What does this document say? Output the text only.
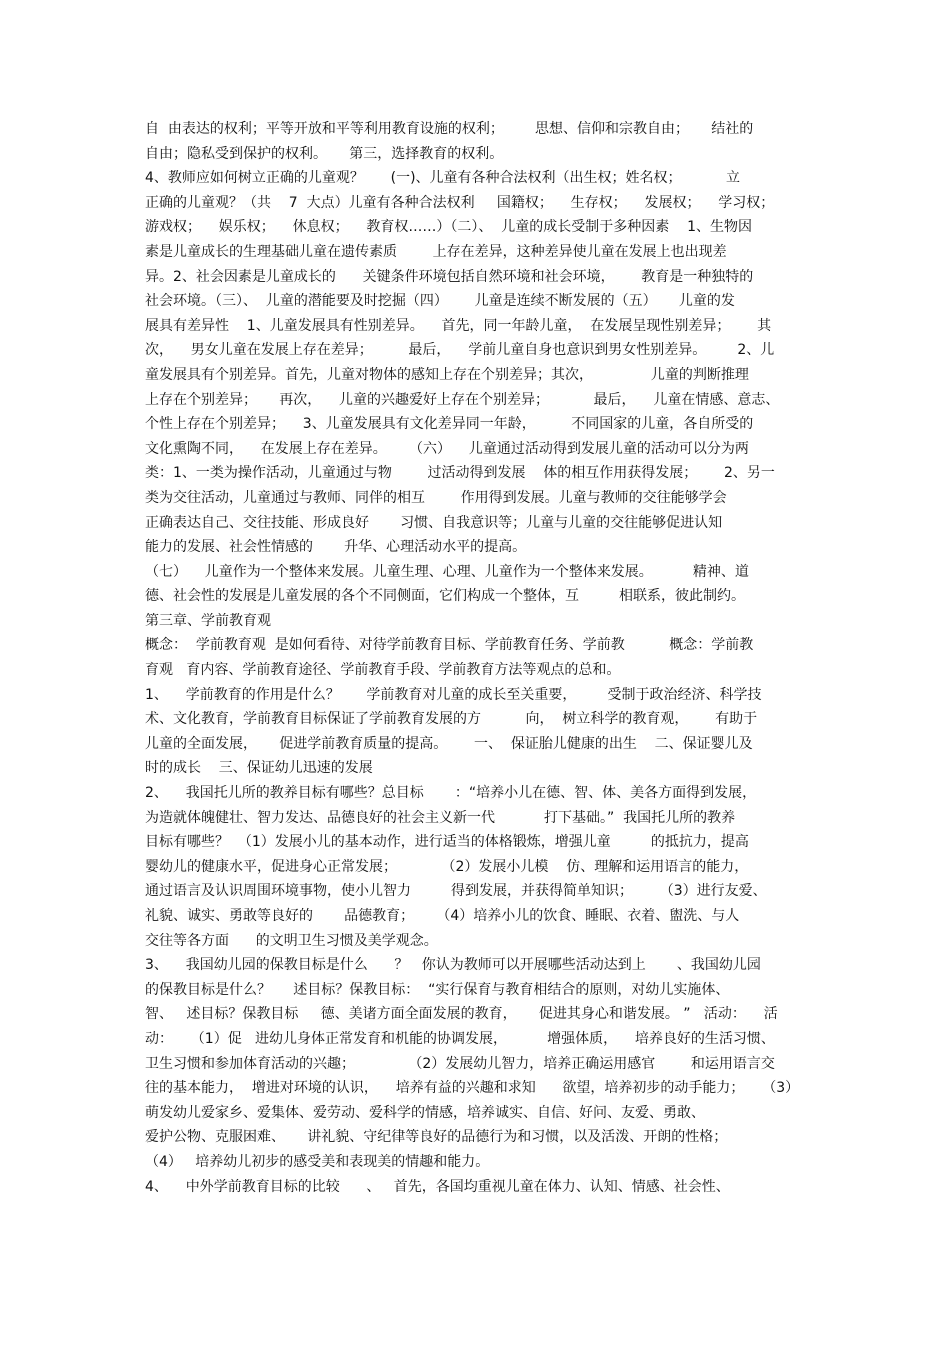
自  由表达的权利；平等开放和平等利用教育设施的权利；       思想、信仰和宗教自由；     结社的
自由；隐私受到保护的权利。     第三，选择教育的权利。
4、教师应如何树立正确的儿童观？      (一)、儿童有各种合法权利（出生权；姓名权；          立
正确的儿童观？（共    7  大点）儿童有各种合法权利     国籍权；    生存权；    发展权；    学习权；
游戏权；    娱乐权；    休息权；    教育权……）（二）、  儿童的成长受制于多种因素    1、生物因
素是儿童成长的生理基础儿童在遗传素质        上存在差异，这种差异使儿童在发展上也出现差
异。2、社会因素是儿童成长的      关键条件环境包括自然环境和社会环境，      教育是一种独特的
社会环境。（三）、  儿童的潜能要及时挖掘（四）      儿童是连续不断发展的（五）     儿童的发
展具有差异性    1、儿童发展具有性别差异。    首先，同一年龄儿童，  在发展呈现性别差异；      其
次，    男女儿童在发展上存在差异；        最后，    学前儿童自身也意识到男女性别差异。       2、儿
童发展具有个别差异。首先，儿童对物体的感知上存在个别差异；其次，             儿童的判断推理
上存在个别差异；     再次，    儿童的兴趣爱好上存在个别差异；          最后，    儿童在情感、意志、
个性上存在个别差异；    3、儿童发展具有文化差异同一年龄，        不同国家的儿童，各自所受的
文化熏陶不同，    在发展上存在差异。     （六）    儿童通过活动得到发展儿童的活动可以分为两
类：1、一类为操作活动，儿童通过与物        过活动得到发展    体的相互作用获得发展；      2、另一
类为交往活动，儿童通过与教师、同伴的相互        作用得到发展。儿童与教师的交往能够学会
正确表达自己、交往技能、形成良好       习惯、自我意识等；儿童与儿童的交往能够促进认知
能力的发展、社会性情感的       升华、心理活动水平的提高。
（七）    儿童作为一个整体来发展。儿童生理、心理、儿童作为一个整体来发展。         精神、道
德、社会性的发展是儿童发展的各个不同侧面，它们构成一个整体，互         相联系，彼此制约。
第三章、学前教育观
概念：  学前教育观  是如何看待、对待学前教育目标、学前教育任务、学前教          概念：学前教
育观   育内容、学前教育途径、学前教育手段、学前教育方法等观点的总和。
1、    学前教育的作用是什么？      学前教育对儿童的成长至关重要，       受制于政治经济、科学技
术、文化教育，学前教育目标保证了学前教育发展的方          向，  树立科学的教育观，      有助于
儿童的全面发展，     促进学前教育质量的提高。      一、  保证胎儿健康的出生    二、保证婴儿及
时的成长    三、保证幼儿迅速的发展
2、    我国托儿所的教养目标有哪些？总目标       ：“培养小儿在德、智、体、美各方面得到发展，
为造就体魄健壮、智力发达、品德良好的社会主义新一代           打下基础。”  我国托儿所的教养
目标有哪些？  （1）发展小儿的基本动作，进行适当的体格锻炼，增强儿童         的抵抗力，提高
婴幼儿的健康水平，促进身心正常发展；          （2）发展小儿模    仿、理解和运用语言的能力，
通过语言及认识周围环境事物，使小儿智力         得到发展，并获得简单知识；      （3）进行友爱、
礼貌、诚实、勇敢等良好的       品德教育；     （4）培养小儿的饮食、睡眠、衣着、盥洗、与人
交往等各方面      的文明卫生习惯及美学观念。
3、    我国幼儿园的保教目标是什么      ？   你认为教师可以开展哪些活动达到上       、我国幼儿园
的保教目标是什么？     述目标？保教目标：  “实行保育与教育相结合的原则，对幼儿实施体、
智、   述目标？保教目标     德、美诸方面全面发展的教育，     促进其身心和谐发展。 ”   活动：    活
动：    （1）促   进幼儿身体正常发育和机能的协调发展，         增强体质，    培养良好的生活习惯、
卫生习惯和参加体育活动的兴趣；            （2）发展幼儿智力，培养正确运用感官        和运用语言交
往的基本能力，  增进对环境的认识，    培养有益的兴趣和求知      欲望，培养初步的动手能力；    （3）
萌发幼儿爱家乡、爱集体、爱劳动、爱科学的情感，培养诚实、自信、好问、友爱、勇敢、
爱护公物、克服困难、     讲礼貌、守纪律等良好的品德行为和习惯，以及活泼、开朗的性格；
（4）   培养幼儿初步的感受美和表现美的情趣和能力。
4、    中外学前教育目标的比较      、   首先，各国均重视儿童在体力、认知、情感、社会性、
